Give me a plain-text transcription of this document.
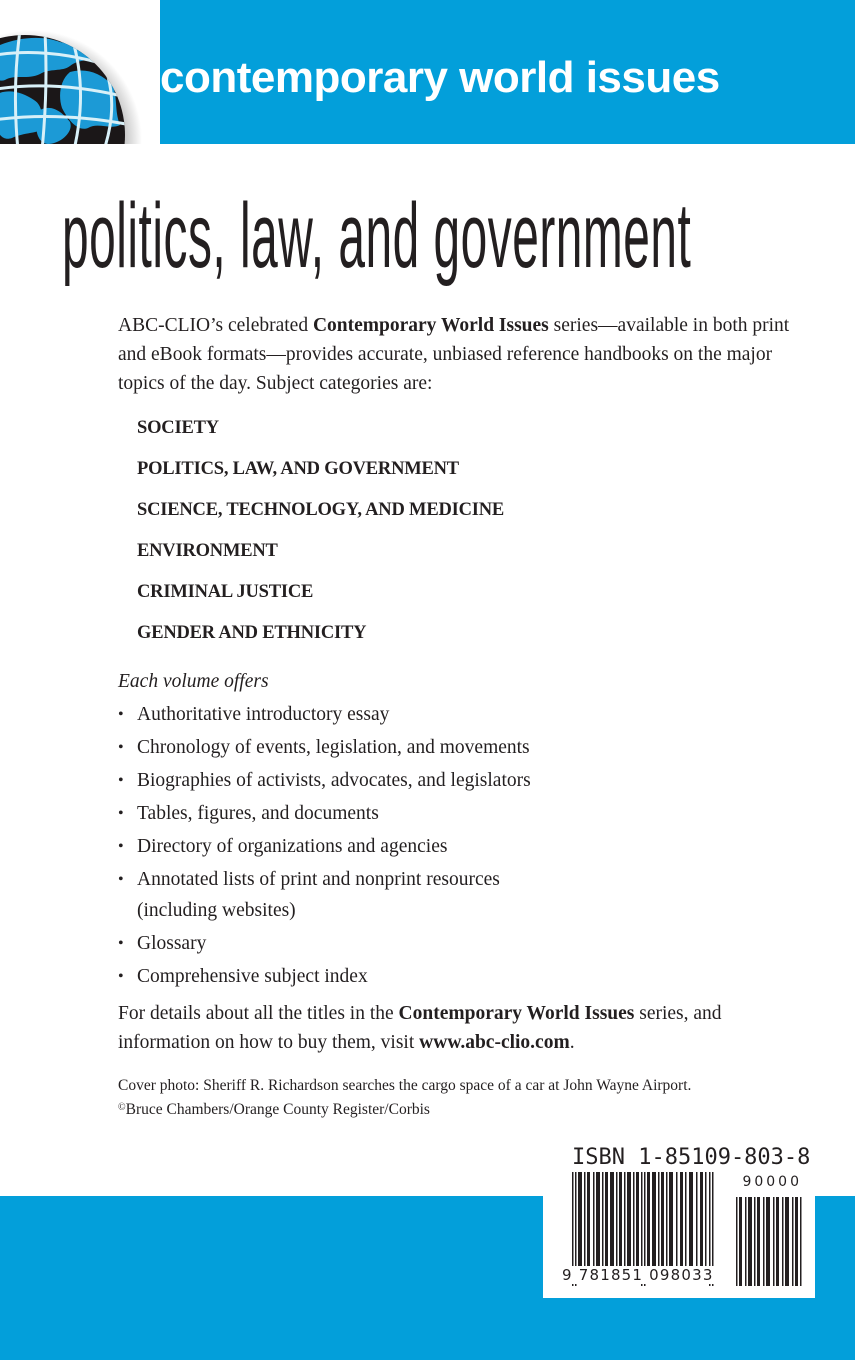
contemporary world issues
politics, law, and government

ABC-CLIO’s celebrated Contemporary World Issues series—available in both print and eBook formats—provides accurate, unbiased reference handbooks on the major topics of the day. Subject categories are:

SOCIETY
POLITICS, LAW, AND GOVERNMENT
SCIENCE, TECHNOLOGY, AND MEDICINE
ENVIRONMENT
CRIMINAL JUSTICE
GENDER AND ETHNICITY
Each volume offers
• Authoritative introductory essay
• Chronology of events, legislation, and movements
• Biographies of activists, advocates, and legislators
• Tables, figures, and documents
• Directory of organizations and agencies
• Annotated lists of print and nonprint resources
(including websites)
• Glossary
• Comprehensive subject index
For details about all the titles in the Contemporary World Issues series, and information on how to buy them, visit www.abc-clio.com.
Cover photo: Sheriff R. Richardson searches the cargo space of a car at John Wayne Airport.
©Bruce Chambers/Orange County Register/Corbis
ISBN 1-85109-803-8
9 781851 098033
90000
